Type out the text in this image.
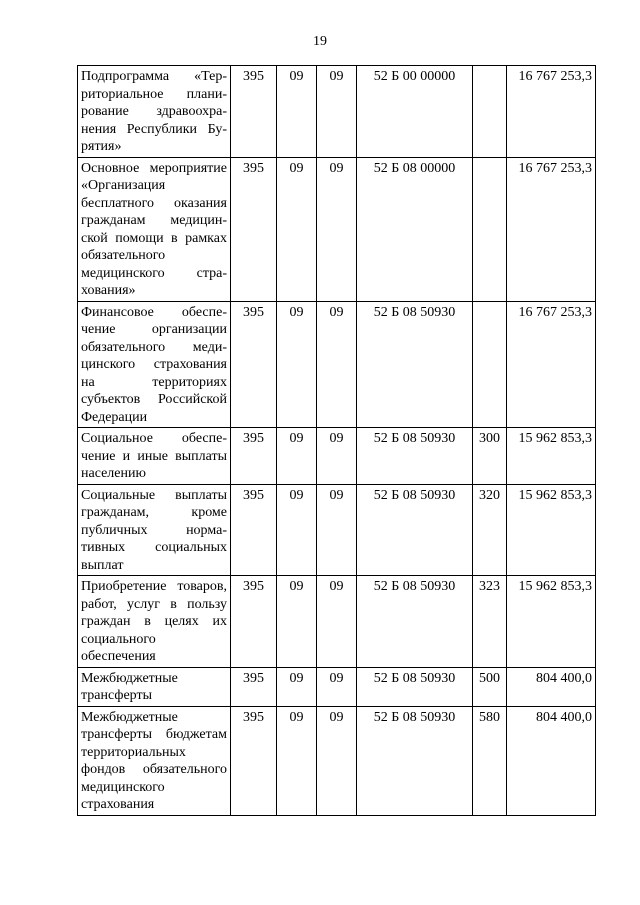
19
Подпрограмма «Территориальное планирование здравоохранения Республики Бурятия»	395	09	09	52 Б 00 00000		16 767 253,3
Основное мероприятие «Организация бесплатного оказания гражданам медицинской помощи в рамках обязательного медицинского страхования»	395	09	09	52 Б 08 00000		16 767 253,3
Финансовое обеспечение организации обязательного медицинского страхования на территориях субъектов Российской Федерации	395	09	09	52 Б 08 50930		16 767 253,3
Социальное обеспечение и иные выплаты населению	395	09	09	52 Б 08 50930	300	15 962 853,3
Социальные выплаты гражданам, кроме публичных нормативных социальных выплат	395	09	09	52 Б 08 50930	320	15 962 853,3
Приобретение товаров, работ, услуг в пользу граждан в целях их социального обеспечения	395	09	09	52 Б 08 50930	323	15 962 853,3
Межбюджетные трансферты	395	09	09	52 Б 08 50930	500	804 400,0
Межбюджетные трансферты бюджетам территориальных фондов обязательного медицинского страхования	395	09	09	52 Б 08 50930	580	804 400,0
